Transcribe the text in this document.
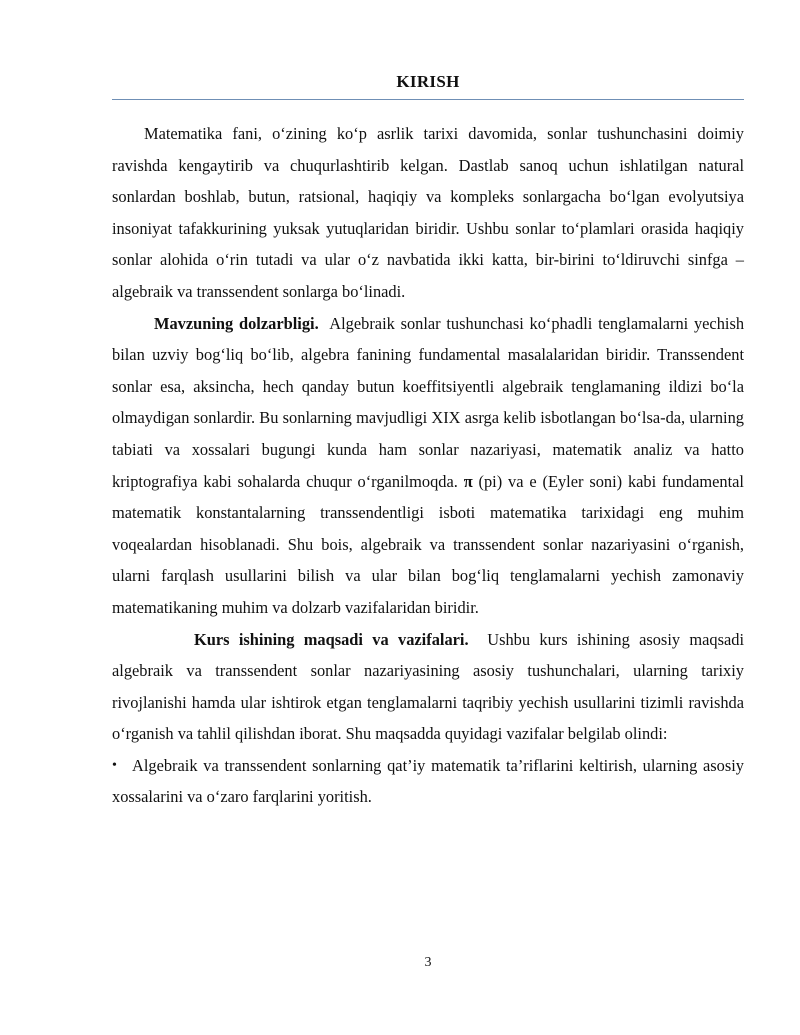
KIRISH

Matematika fani, o‘zining ko‘p asrlik tarixi davomida, sonlar tushunchasini doimiy ravishda kengaytirib va chuqurlashtirib kelgan. Dastlab sanoq uchun ishlatilgan natural sonlardan boshlab, butun, ratsional, haqiqiy va kompleks sonlargacha bo‘lgan evolyutsiya insoniyat tafakkurining yuksak yutuqlaridan biridir. Ushbu sonlar to‘plamlari orasida haqiqiy sonlar alohida o‘rin tutadi va ular o‘z navbatida ikki katta, bir-birini to‘ldiruvchi sinfga – algebraik va transsendent sonlarga bo‘linadi.

Mavzuning dolzarbligi. Algebraik sonlar tushunchasi ko‘phadli tenglamalarni yechish bilan uzviy bog‘liq bo‘lib, algebra fanining fundamental masalalaridan biridir. Transsendent sonlar esa, aksincha, hech qanday butun koeffitsiyentli algebraik tenglamaning ildizi bo‘la olmaydigan sonlardir. Bu sonlarning mavjudligi XIX asrga kelib isbotlangan bo‘lsa-da, ularning tabiati va xossalari bugungi kunda ham sonlar nazariyasi, matematik analiz va hatto kriptografiya kabi sohalarda chuqur o‘rganilmoqda. π (pi) va e (Eyler soni) kabi fundamental matematik konstantalarning transsendentligi isboti matematika tarixidagi eng muhim voqealardan hisoblanadi. Shu bois, algebraik va transsendent sonlar nazariyasini o‘rganish, ularni farqlash usullarini bilish va ular bilan bog‘liq tenglamalarni yechish zamonaviy matematikaning muhim va dolzarb vazifalaridan biridir.

Kurs ishining maqsadi va vazifalari. Ushbu kurs ishining asosiy maqsadi algebraik va transsendent sonlar nazariyasining asosiy tushunchalari, ularning tarixiy rivojlanishi hamda ular ishtirok etgan tenglamalarni taqribiy yechish usullarini tizimli ravishda o‘rganish va tahlil qilishdan iborat. Shu maqsadda quyidagi vazifalar belgilab olindi:

• Algebraik va transsendent sonlarning qat’iy matematik ta’riflarini keltirish, ularning asosiy xossalarini va o‘zaro farqlarini yoritish.

3
